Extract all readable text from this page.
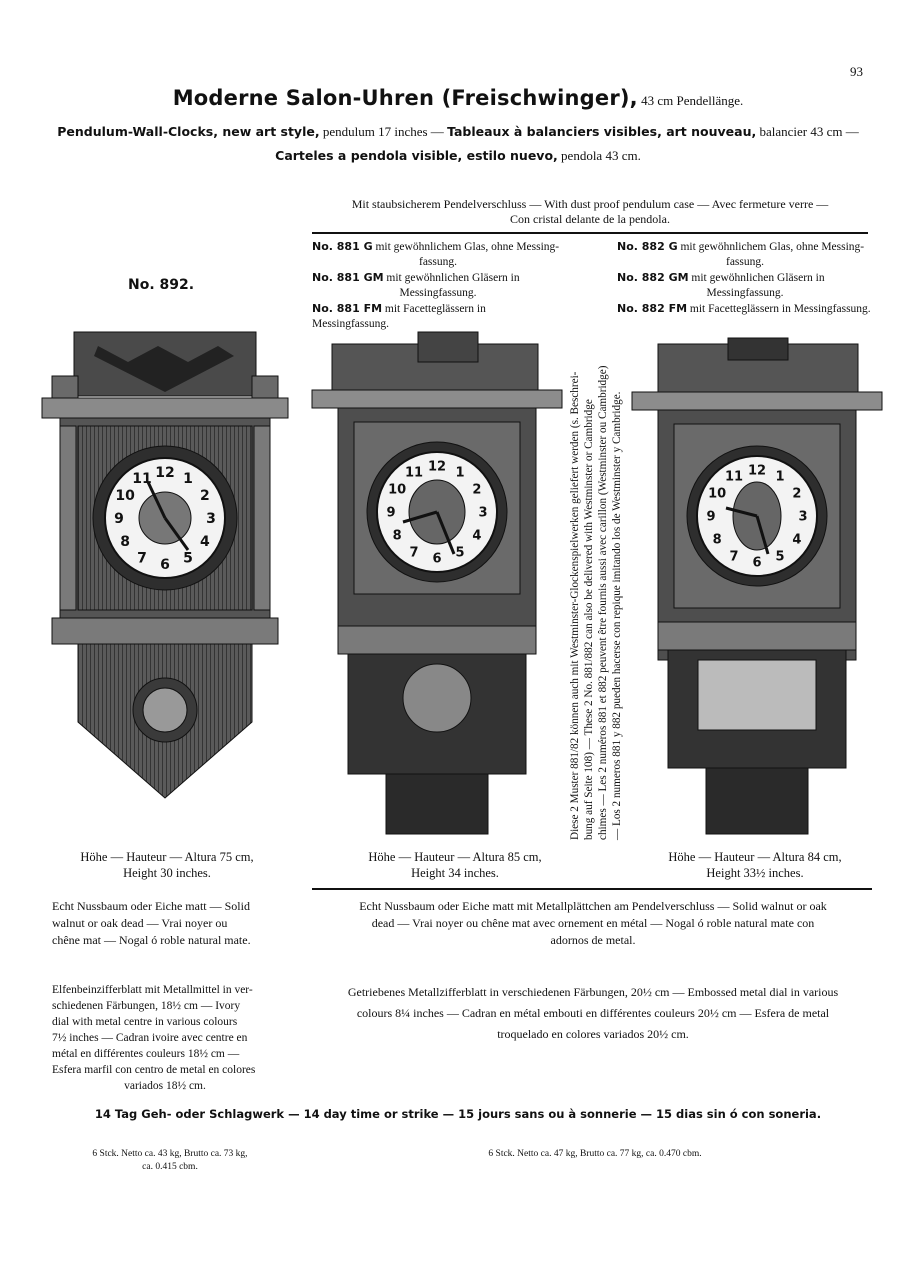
93
Moderne Salon-Uhren (Freischwinger), 43 cm Pendellänge.
Pendulum-Wall-Clocks, new art style, pendulum 17 inches — Tableaux à balanciers visibles, art nouveau, balancier 43 cm —
Carteles a pendola visible, estilo nuevo, pendola 43 cm.
Mit staubsicherem Pendelverschluss — With dust proof pendulum case — Avec fermeture verre —
Con cristal delante de la pendola.
No. 881 G mit gewöhnlichem Glas, ohne Messing-
fassung.
No. 881 GM mit gewöhnlichen Gläsern in
Messingfassung.
No. 881 FM mit Facetteglässern in Messingfassung.
No. 882 G mit gewöhnlichem Glas, ohne Messing-
fassung.
No. 882 GM mit gewöhnlichen Gläsern in
Messingfassung.
No. 882 FM mit Facetteglässern in Messingfassung.
No. 892.
12 1
2
3
4
5
6
7
8
9
10
11
12 1
2
3
4
5
6
7
8
9
10
11	12 1
2
3
4
5
6
7
8
9
10
11
Diese 2 Muster 881/82 können auch mit Westminster-Glockenspielwerken geliefert werden (s. Beschrei- bung auf Seite 108) — These 2 No. 881/882 can also be delivered with Westminster or Cambridge chimes — Les 2 numéros 881 et 882 peuvent être fournis aussi avec carillon (Westminster ou Cambridge) — Los 2 numeros 881 y 882 pueden hacerse con repique imitando los de Westminster y Cambridge.
Höhe — Hauteur — Altura 75 cm,
Height 30 inches.
Höhe — Hauteur — Altura 85 cm,
Height 34 inches.
Höhe — Hauteur — Altura 84 cm,
Height 33½ inches.
Echt Nussbaum oder Eiche matt — Solid
walnut or oak dead — Vrai noyer ou
chêne mat — Nogal ó roble natural mate.
Echt Nussbaum oder Eiche matt mit Metallplättchen am Pendelverschluss — Solid walnut or oak
dead — Vrai noyer ou chêne mat avec ornement en métal — Nogal ó roble natural mate con
adornos de metal.
Elfenbeinzifferblatt mit Metallmittel in ver-
schiedenen Färbungen, 18½ cm — Ivory
dial with metal centre in various colours
7½ inches — Cadran ivoire avec centre en
métal en différentes couleurs 18½ cm —
Esfera marfil con centro de metal en colores
variados 18½ cm.
Getriebenes Metallzifferblatt in verschiedenen Färbungen, 20½ cm — Embossed metal dial in various
colours 8¼ inches — Cadran en métal embouti en différentes couleurs 20½ cm — Esfera de metal
troquelado en colores variados 20½ cm.
14 Tag Geh- oder Schlagwerk — 14 day time or strike — 15 jours sans ou à sonnerie — 15 dias sin ó con soneria.
6 Stck. Netto ca. 43 kg, Brutto ca. 73 kg,
ca. 0.415 cbm.
6 Stck. Netto ca. 47 kg, Brutto ca. 77 kg, ca. 0.470 cbm.
